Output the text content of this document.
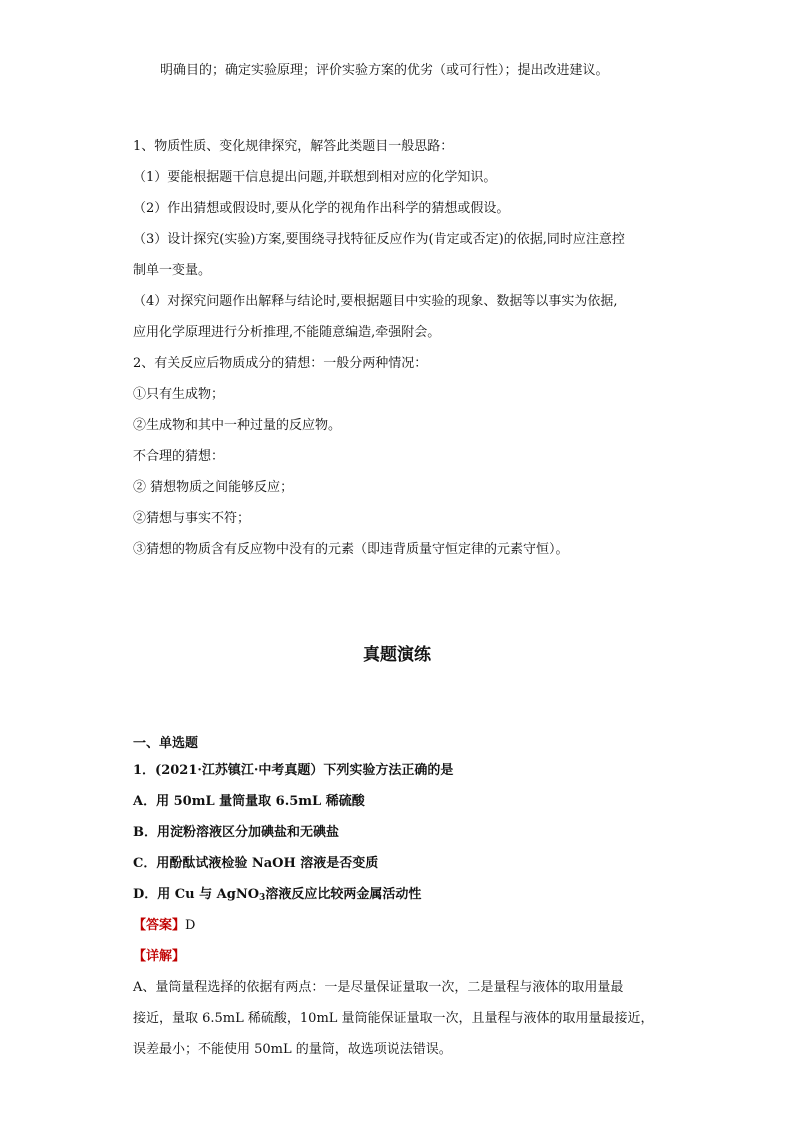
明确目的；确定实验原理；评价实验方案的优劣（或可行性）；提出改进建议。
1、物质性质、变化规律探究，解答此类题目一般思路：
（1）要能根据题干信息提出问题,并联想到相对应的化学知识。
（2）作出猜想或假设时,要从化学的视角作出科学的猜想或假设。
（3）设计探究(实验)方案,要围绕寻找特征反应作为(肯定或否定)的依据,同时应注意控
制单一变量。
（4）对探究问题作出解释与结论时,要根据题目中实验的现象、数据等以事实为依据,
应用化学原理进行分析推理,不能随意编造,牵强附会。
2、有关反应后物质成分的猜想：一般分两种情况：
①只有生成物；
②生成物和其中一种过量的反应物。
不合理的猜想：
② 猜想物质之间能够反应；
②猜想与事实不符；
③猜想的物质含有反应物中没有的元素（即违背质量守恒定律的元素守恒）。
真题演练
一、单选题
1．(2021·江苏镇江·中考真题）下列实验方法正确的是
A．用 50mL 量筒量取 6.5mL 稀硫酸
B．用淀粉溶液区分加碘盐和无碘盐
C．用酚酞试液检验 NaOH 溶液是否变质
D．用 Cu 与 AgNO$_3$溶液反应比较两金属活动性
【答案】D
【详解】
A、量筒量程选择的依据有两点：一是尽量保证量取一次，二是量程与液体的取用量最
接近，量取 6.5mL 稀硫酸，10mL 量筒能保证量取一次，且量程与液体的取用量最接近，
误差最小；不能使用 50mL 的量筒，故选项说法错误。
